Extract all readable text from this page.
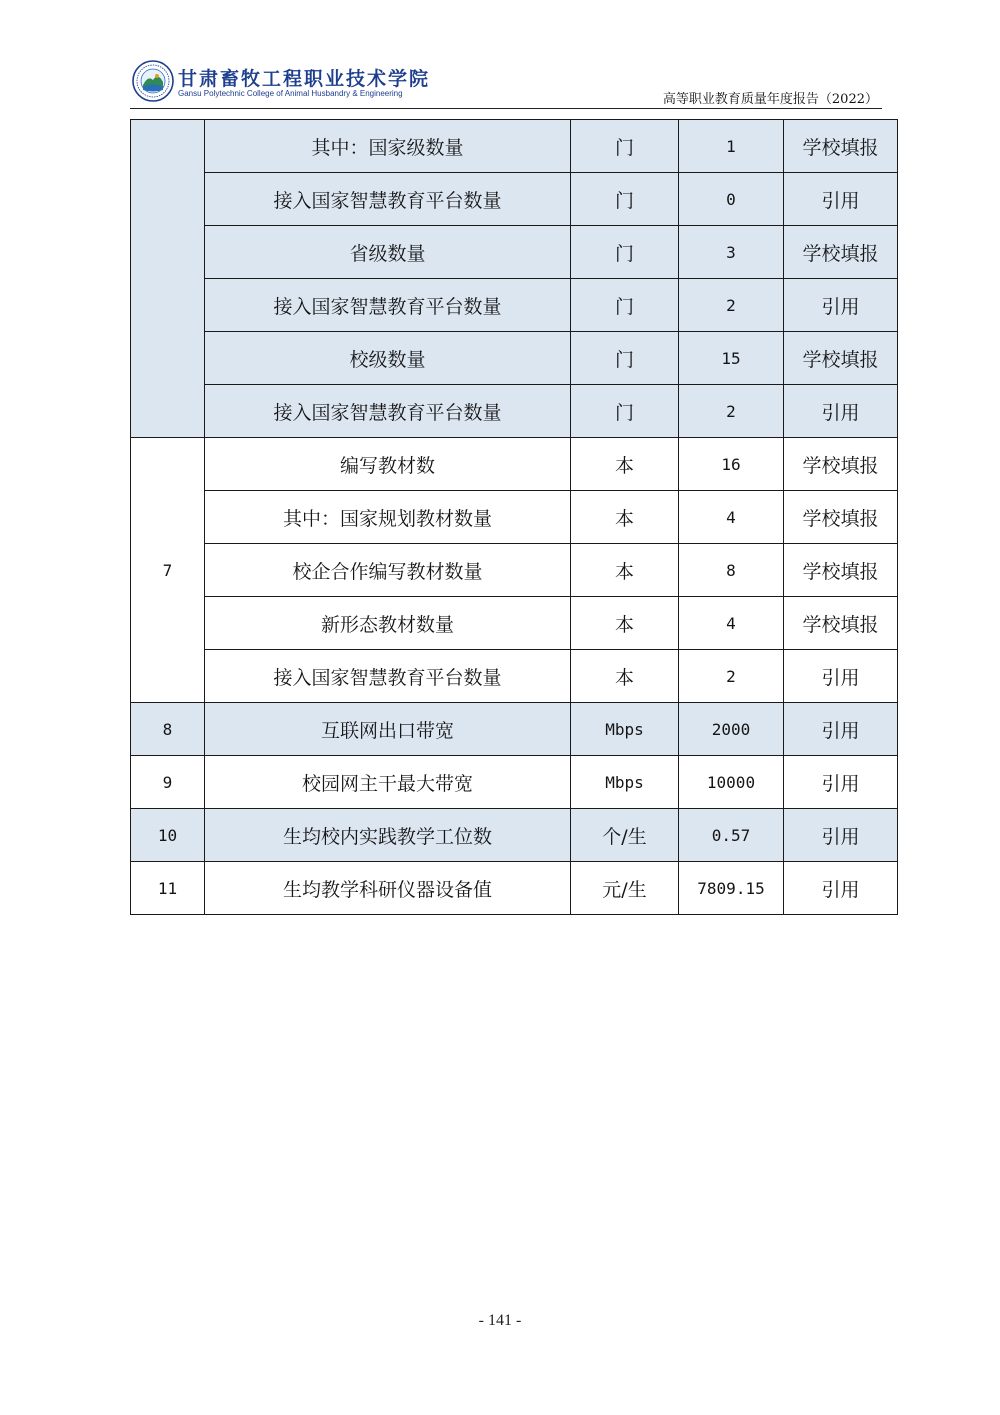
甘肃畜牧工程职业技术学院
Gansu Polytechnic College of Animal Husbandry & Engineering	高等职业教育质量年度报告（2022）
	其中：国家级数量	门	1	学校填报
	接入国家智慧教育平台数量	门	0	引用
	省级数量	门	3	学校填报
	接入国家智慧教育平台数量	门	2	引用
	校级数量	门	15	学校填报
	接入国家智慧教育平台数量	门	2	引用
7	编写教材数	本	16	学校填报
	其中：国家规划教材数量	本	4	学校填报
	校企合作编写教材数量	本	8	学校填报
	新形态教材数量	本	4	学校填报
	接入国家智慧教育平台数量	本	2	引用
8	互联网出口带宽	Mbps	2000	引用
9	校园网主干最大带宽	Mbps	10000	引用
10	生均校内实践教学工位数	个/生	0.57	引用
11	生均教学科研仪器设备值	元/生	7809.15	引用
- 141 -
